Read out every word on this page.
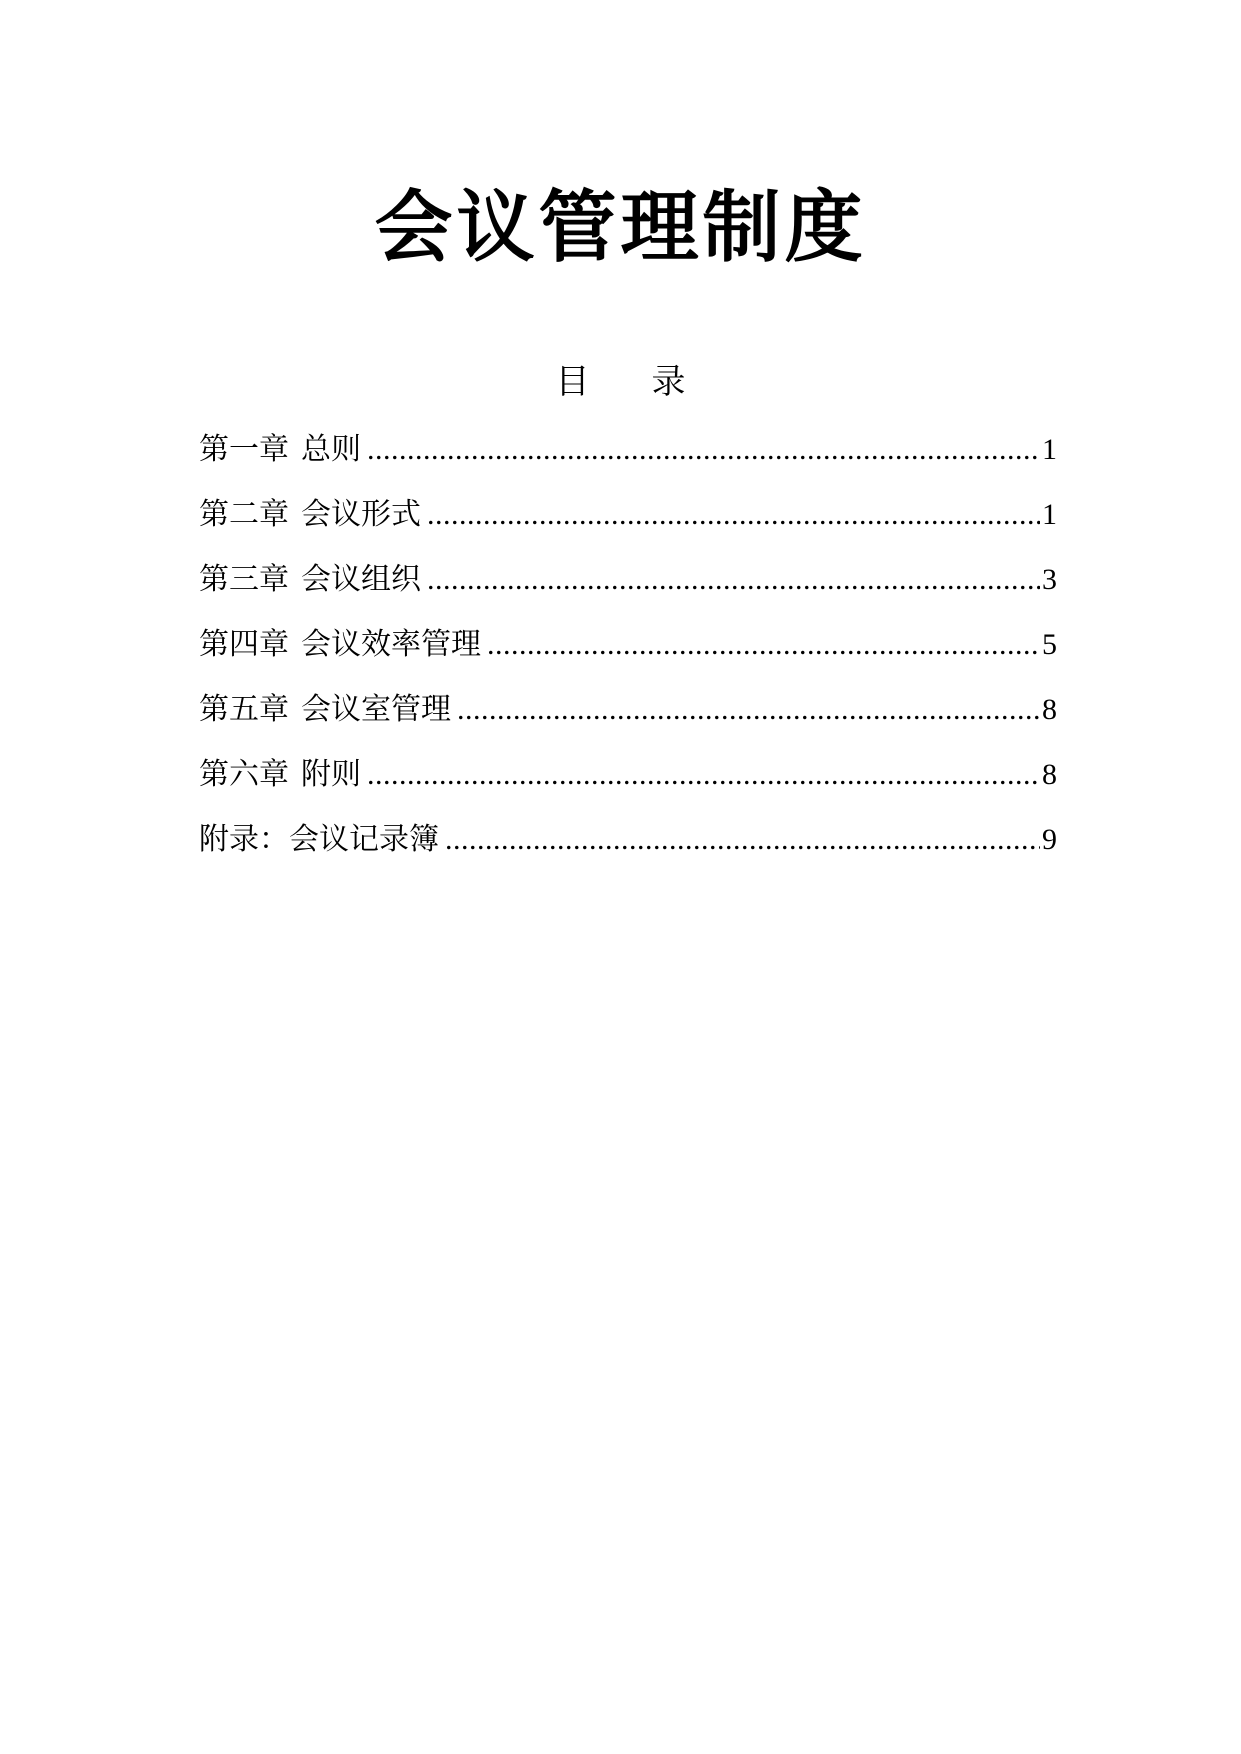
会议管理制度
目 录
第一章 总则 .....	1
第二章 会议形式 .....	1
第三章 会议组织 .....	3
第四章 会议效率管理 .....	5
第五章 会议室管理 .....	8
第六章 附则 .....	8
附录：会议记录簿 .....	9
